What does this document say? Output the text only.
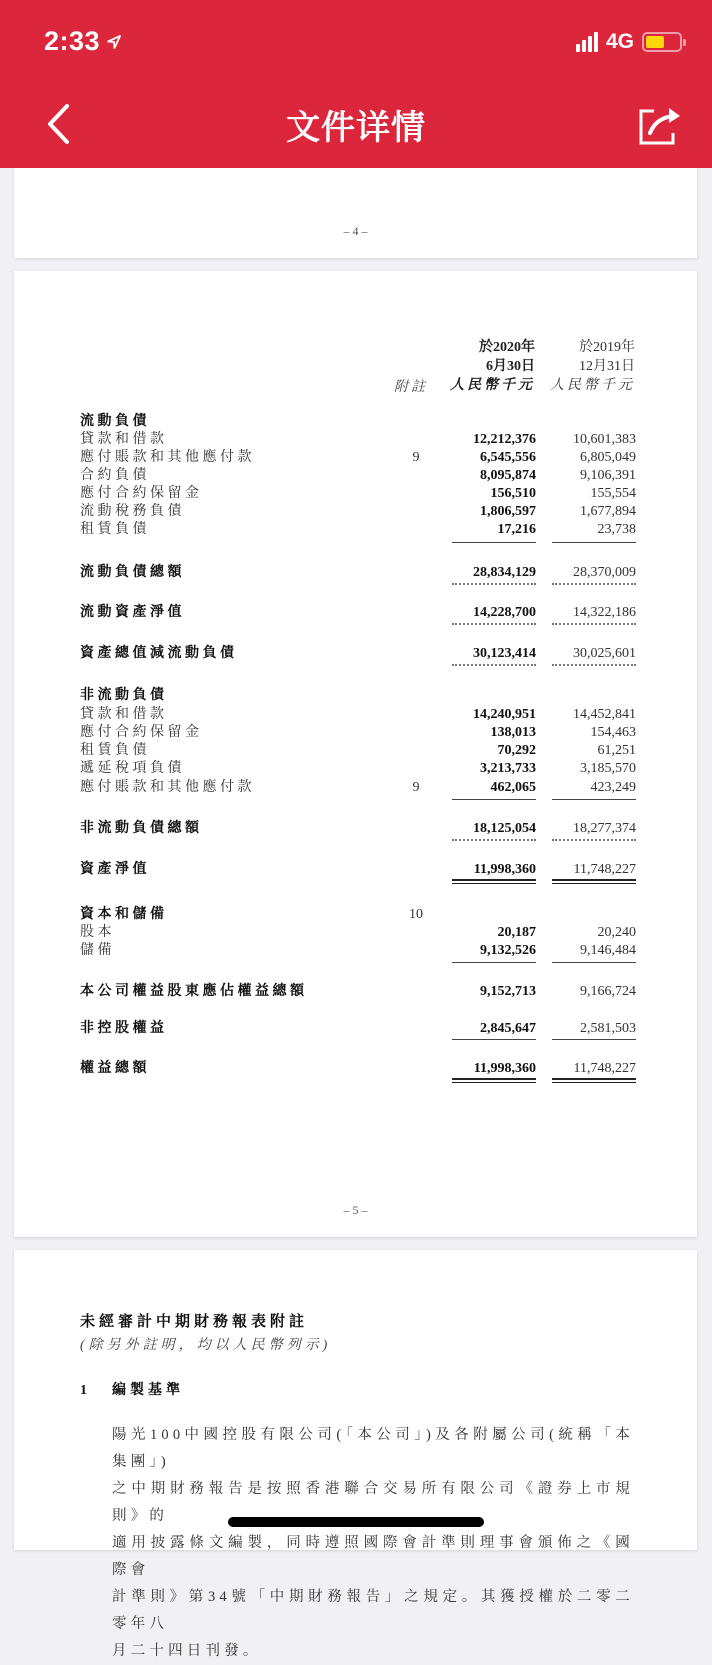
2:33	4G
文件详情
– 4 –
於2020年
6月30日
人民幣千元
於2019年
12月31日
人民幣千元
附註
流動負債
貸款和借款	12,212,376	10,601,383
應付賬款和其他應付款	9	6,545,556	6,805,049
合約負債	8,095,874	9,106,391
應付合約保留金	156,510	155,554
流動稅務負債	1,806,597	1,677,894
租賃負債	17,216	23,738
流動負債總額	28,834,129	28,370,009
流動資產淨值	14,228,700	14,322,186
資產總值減流動負債	30,123,414	30,025,601
非流動負債
貸款和借款	14,240,951	14,452,841
應付合約保留金	138,013	154,463
租賃負債	70,292	61,251
遞延稅項負債	3,213,733	3,185,570
應付賬款和其他應付款	9	462,065	423,249
非流動負債總額	18,125,054	18,277,374
資產淨值	11,998,360	11,748,227
資本和儲備	10
股本	20,187	20,240
儲備	9,132,526	9,146,484
本公司權益股東應佔權益總額	9,152,713	9,166,724
非控股權益	2,845,647	2,581,503
權益總額	11,998,360	11,748,227
– 5 –
未經審計中期財務報表附註
(除另外註明，均以人民幣列示)
1 編製基準
陽光100中國控股有限公司(「本公司」)及各附屬公司(統稱「本集團」)
之中期財務報告是按照香港聯合交易所有限公司《證券上市規則》的
適用披露條文編製，同時遵照國際會計準則理事會頒佈之《國際會
計準則》第34號「中期財務報告」之規定。其獲授權於二零二零年八
月二十四日刊發。
